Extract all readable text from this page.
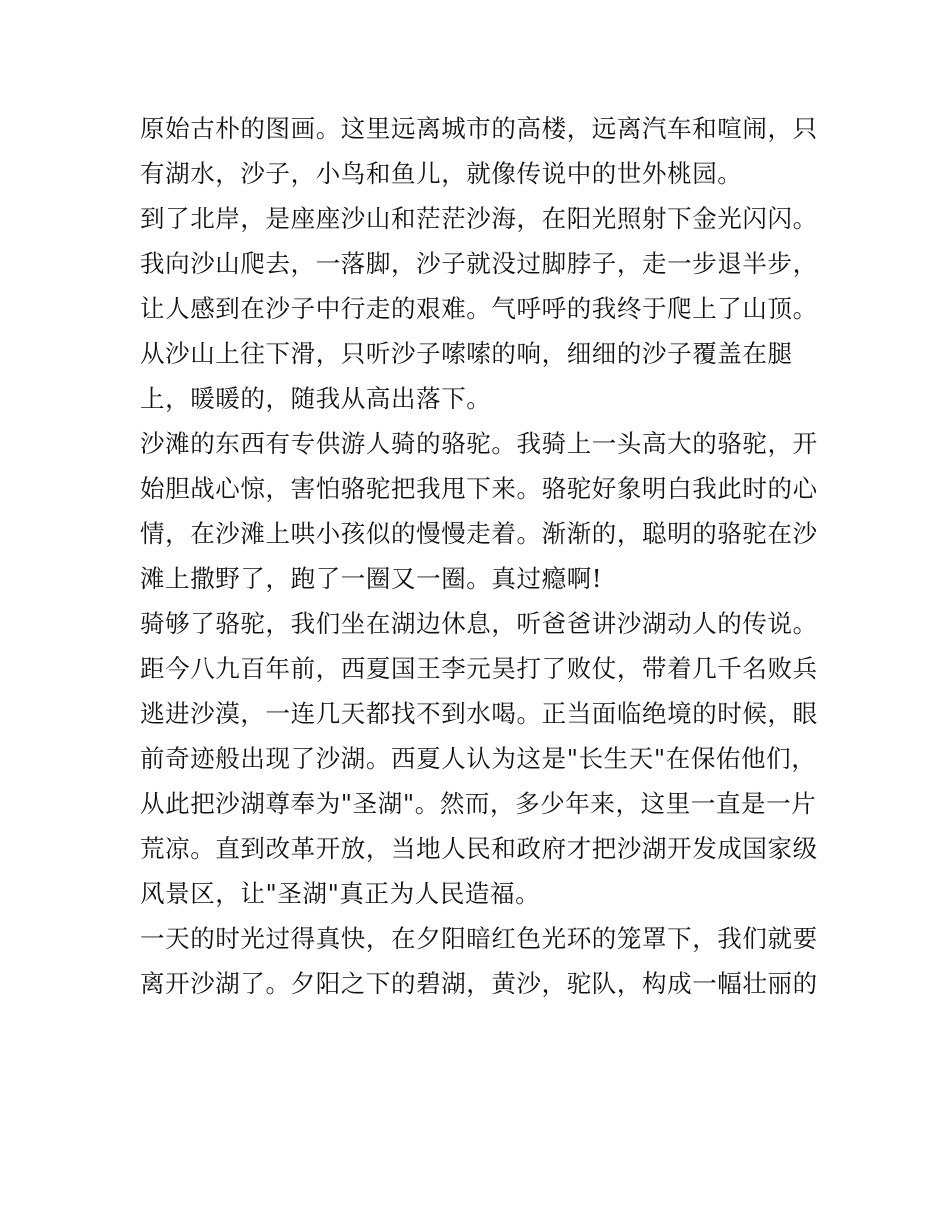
原始古朴的图画。这里远离城市的高楼，远离汽车和喧闹，只
有湖水，沙子，小鸟和鱼儿，就像传说中的世外桃园。
到了北岸，是座座沙山和茫茫沙海，在阳光照射下金光闪闪。
我向沙山爬去，一落脚，沙子就没过脚脖子，走一步退半步，
让人感到在沙子中行走的艰难。气呼呼的我终于爬上了山顶。
从沙山上往下滑，只听沙子嗦嗦的响，细细的沙子覆盖在腿
上，暖暖的，随我从高出落下。
沙滩的东西有专供游人骑的骆驼。我骑上一头高大的骆驼，开
始胆战心惊，害怕骆驼把我甩下来。骆驼好象明白我此时的心
情，在沙滩上哄小孩似的慢慢走着。渐渐的，聪明的骆驼在沙
滩上撒野了，跑了一圈又一圈。真过瘾啊!
骑够了骆驼，我们坐在湖边休息，听爸爸讲沙湖动人的传说。
距今八九百年前，西夏国王李元昊打了败仗，带着几千名败兵
逃进沙漠，一连几天都找不到水喝。正当面临绝境的时候，眼
前奇迹般出现了沙湖。西夏人认为这是"长生天"在保佑他们，
从此把沙湖尊奉为"圣湖"。然而，多少年来，这里一直是一片
荒凉。直到改革开放，当地人民和政府才把沙湖开发成国家级
风景区，让"圣湖"真正为人民造福。
一天的时光过得真快，在夕阳暗红色光环的笼罩下，我们就要
离开沙湖了。夕阳之下的碧湖，黄沙，驼队，构成一幅壮丽的
